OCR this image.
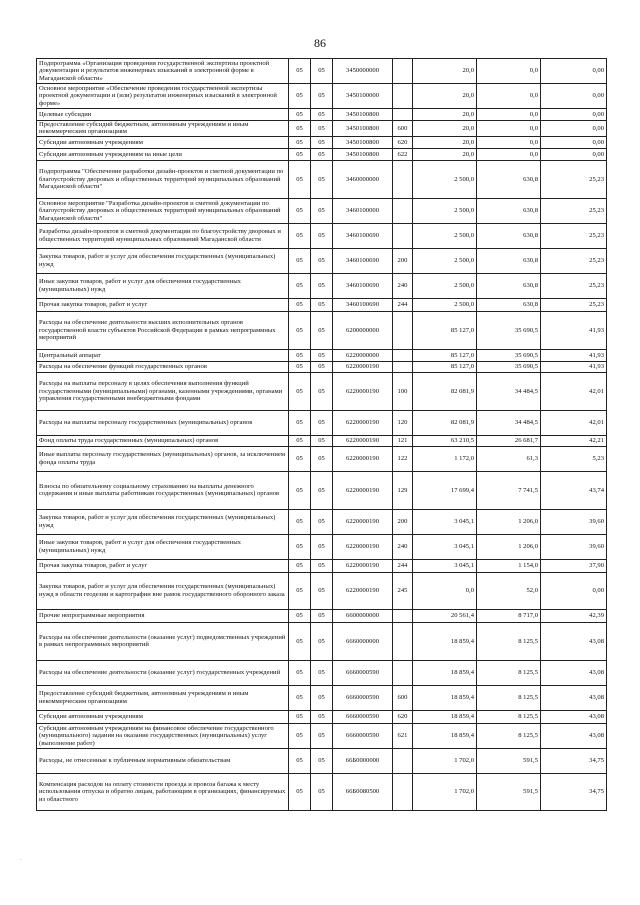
86
Подпрограмма «Организация проведения государственной экспертизы проектной документации и результатов инженерных изысканий в электронной форме в Магаданской области»	05	05	3450000000		20,0	0,0	0,00
Основное мероприятие «Обеспечение проведения государственной экспертизы проектной документации и (или) результатов инженерных изысканий в электронной форме»	05	05	3450100000		20,0	0,0	0,00
Целевые субсидии	05	05	3450100800		20,0	0,0	0,00
Предоставление субсидий бюджетным, автономным учреждениям и иным некоммерческим организациям	05	05	3450100800	600	20,0	0,0	0,00
Субсидии автономным учреждениям	05	05	3450100800	620	20,0	0,0	0,00
Субсидии автономным учреждениям на иные цели	05	05	3450100800	622	20,0	0,0	0,00
Подпрограмма "Обеспечение разработки дизайн-проектов и сметной документации по благоустройству дворовых и общественных территорий муниципальных образований Магаданской области"	05	05	3460000000		2 500,0	630,8	25,23
Основное мероприятие "Разработка дизайн-проектов и сметной документации по благоустройству дворовых и общественных территорий муниципальных образований Магаданской области"	05	05	3460100000		2 500,0	630,8	25,23
Разработка дизайн-проектов и сметной документации по благоустройству дворовых и общественных территорий муниципальных образований Магаданской области	05	05	3460100690		2 500,0	630,8	25,23
Закупка товаров, работ и услуг для обеспечения государственных (муниципальных) нужд	05	05	3460100690	200	2 500,0	630,8	25,23
Иные закупки товаров, работ и услуг для обеспечения государственных (муниципальных) нужд	05	05	3460100690	240	2 500,0	630,8	25,23
Прочая закупка товаров, работ и услуг	05	05	3460100690	244	2 500,0	630,8	25,23
Расходы на обеспечение деятельности высших исполнительных органов государственной власти субъектов Российской Федерации в рамках непрограммных мероприятий	05	05	6200000000		85 127,0	35 690,5	41,93
Центральный аппарат	05	05	6220000000		85 127,0	35 690,5	41,93
Расходы на обеспечение функций государственных органов	05	05	6220000190		85 127,0	35 690,5	41,93
Расходы на выплаты персоналу в целях обеспечения выполнения функций государственными (муниципальными) органами, казенными учреждениями, органами управления государственными внебюджетными фондами	05	05	6220000190	100	82 081,9	34 484,5	42,01
Расходы на выплаты персоналу государственных (муниципальных) органов	05	05	6220000190	120	82 081,9	34 484,5	42,01
Фонд оплаты труда государственных (муниципальных) органов	05	05	6220000190	121	63 210,5	26 681,7	42,21
Иные выплаты персоналу государственных (муниципальных) органов, за исключением фонда оплаты труда	05	05	6220000190	122	1 172,0	61,3	5,23
Взносы по обязательному социальному страхованию на выплаты денежного содержания и иные выплаты работникам государственных (муниципальных) органов	05	05	6220000190	129	17 699,4	7 741,5	43,74
Закупка товаров, работ и услуг для обеспечения государственных (муниципальных) нужд	05	05	6220000190	200	3 045,1	1 206,0	39,60
Иные закупки товаров, работ и услуг для обеспечения государственных (муниципальных) нужд	05	05	6220000190	240	3 045,1	1 206,0	39,60
Прочая закупка товаров, работ и услуг	05	05	6220000190	244	3 045,1	1 154,0	37,90
Закупка товаров, работ и услуг для обеспечения государственных (муниципальных) нужд в области геодезии и картографии вне рамок государственного оборонного заказа	05	05	6220000190	245	0,0	52,0	0,00
Прочие непрограммные мероприятия	05	05	6600000000		20 561,4	8 717,0	42,39
Расходы на обеспечение деятельности (оказание услуг) подведомственных учреждений в рамках непрограммных мероприятий	05	05	6660000000		18 859,4	8 125,5	43,08
Расходы на обеспечение деятельности (оказание услуг) государственных учреждений	05	05	6660000590		18 859,4	8 125,5	43,08
Предоставление субсидий бюджетным, автономным учреждениям и иным некоммерческим организациям	05	05	6660000590	600	18 859,4	8 125,5	43,08
Субсидии автономным учреждениям	05	05	6660000590	620	18 859,4	8 125,5	43,08
Субсидии автономным учреждениям на финансовое обеспечение государственного (муниципального) задания на оказание государственных (муниципальных) услуг (выполнение работ)	05	05	6660000590	621	18 859,4	8 125,5	43,08
Расходы, не отнесенные к публичным нормативным обязательствам	05	05	66Б0000000		1 702,0	591,5	34,75
Компенсация расходов на оплату стоимости проезда и провоза багажа к месту использования отпуска и обратно лицам, работающим в организациях, финансируемых из областного	05	05	66Б0080500		1 702,0	591,5	34,75
.
